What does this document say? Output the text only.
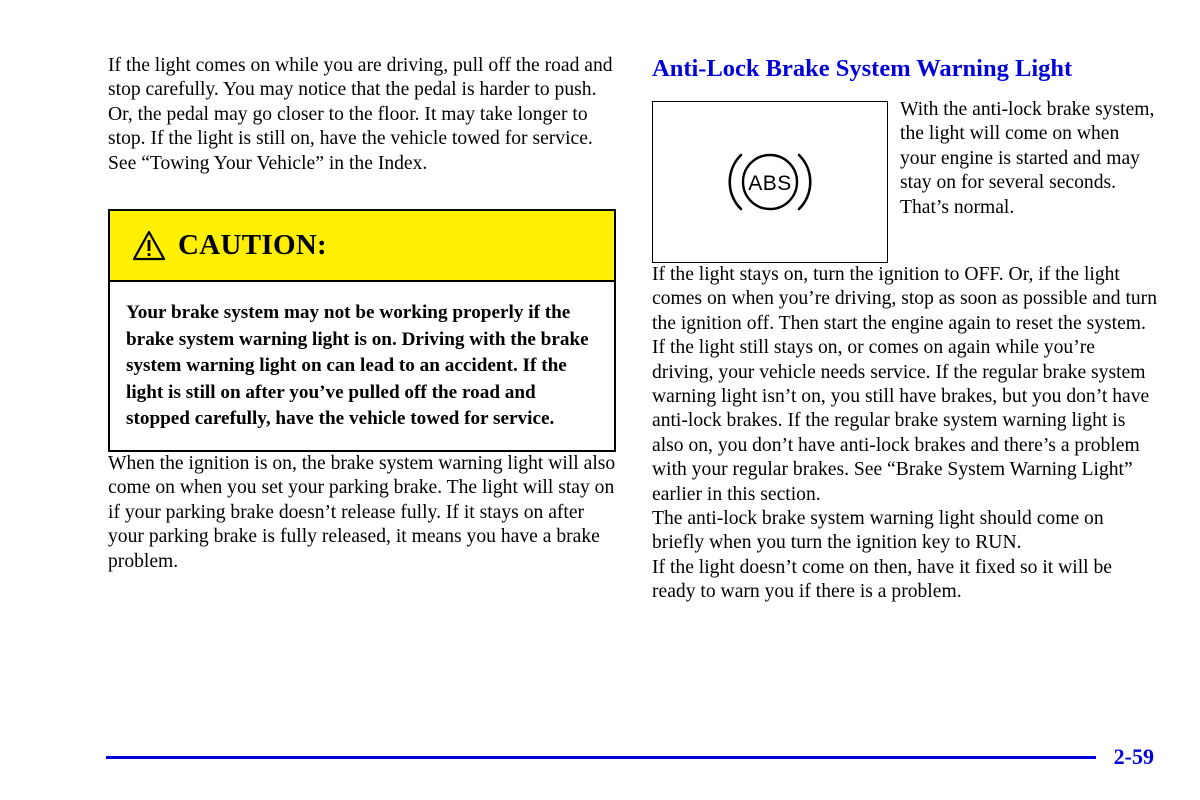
If the light comes on while you are driving, pull off the road and stop carefully. You may notice that the pedal is harder to push. Or, the pedal may go closer to the floor. It may take longer to stop. If the light is still on, have the vehicle towed for service. See “Towing Your Vehicle” in the Index.

CAUTION:
Your brake system may not be working properly if the brake system warning light is on. Driving with the brake system warning light on can lead to an accident. If the light is still on after you’ve pulled off the road and stopped carefully, have the vehicle towed for service.

When the ignition is on, the brake system warning light will also come on when you set your parking brake. The light will stay on if your parking brake doesn’t release fully. If it stays on after your parking brake is fully released, it means you have a brake problem.

Anti-Lock Brake System Warning Light
ABS

With the anti-lock brake system, the light will come on when your engine is started and may stay on for several seconds. That’s normal.

If the light stays on, turn the ignition to OFF. Or, if the light comes on when you’re driving, stop as soon as possible and turn the ignition off. Then start the engine again to reset the system. If the light still stays on, or comes on again while you’re driving, your vehicle needs service. If the regular brake system warning light isn’t on, you still have brakes, but you don’t have anti-lock brakes. If the regular brake system warning light is also on, you don’t have anti-lock brakes and there’s a problem with your regular brakes. See “Brake System Warning Light” earlier in this section.

The anti-lock brake system warning light should come on briefly when you turn the ignition key to RUN.

If the light doesn’t come on then, have it fixed so it will be ready to warn you if there is a problem.

2-59
